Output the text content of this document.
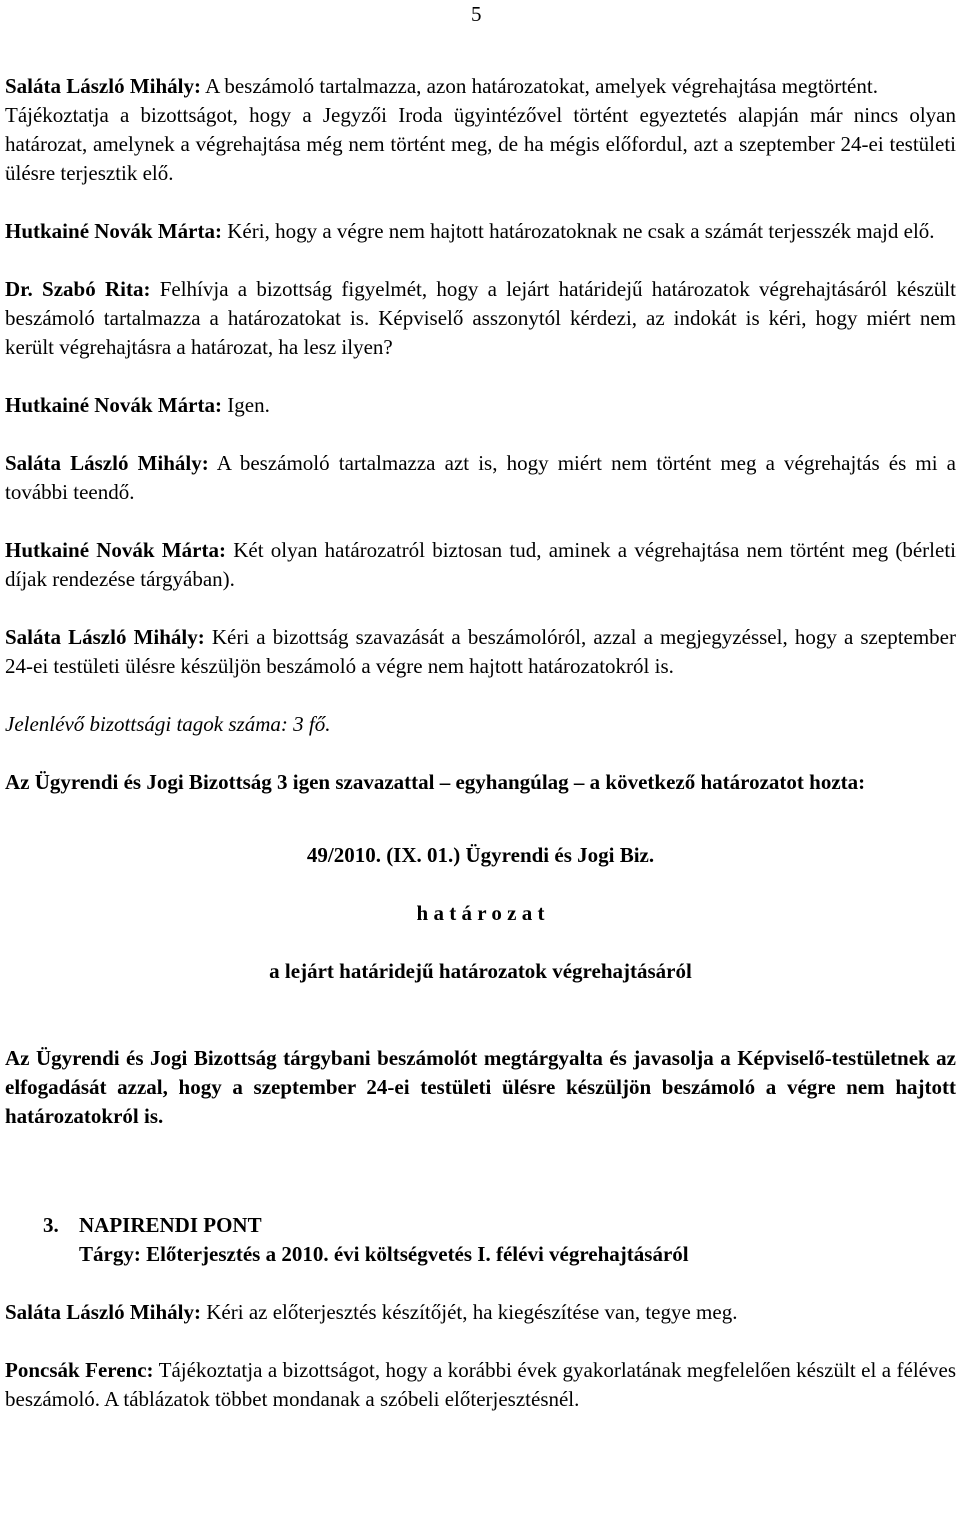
5

Saláta László Mihály: A beszámoló tartalmazza, azon határozatokat, amelyek végrehajtása megtörtént.

Tájékoztatja a bizottságot, hogy a Jegyzői Iroda ügyintézővel történt egyeztetés alapján már nincs olyan határozat, amelynek a végrehajtása még nem történt meg, de ha mégis előfordul, azt a szeptember 24-ei testületi ülésre terjesztik elő.

Hutkainé Novák Márta: Kéri, hogy a végre nem hajtott határozatoknak ne csak a számát terjesszék majd elő.

Dr. Szabó Rita: Felhívja a bizottság figyelmét, hogy a lejárt határidejű határozatok végrehajtásáról készült beszámoló tartalmazza a határozatokat is. Képviselő asszonytól kérdezi, az indokát is kéri, hogy miért nem került végrehajtásra a határozat, ha lesz ilyen?

Hutkainé Novák Márta: Igen.

Saláta László Mihály: A beszámoló tartalmazza azt is, hogy miért nem történt meg a végrehajtás és mi a további teendő.

Hutkainé Novák Márta: Két olyan határozatról biztosan tud, aminek a végrehajtása nem történt meg (bérleti díjak rendezése tárgyában).

Saláta László Mihály: Kéri a bizottság szavazását a beszámolóról, azzal a megjegyzéssel, hogy a szeptember 24-ei testületi ülésre készüljön beszámoló a végre nem hajtott határozatokról is.

Jelenlévő bizottsági tagok száma: 3 fő.

Az Ügyrendi és Jogi Bizottság 3 igen szavazattal – egyhangúlag – a következő határozatot hozta:

49/2010. (IX. 01.) Ügyrendi és Jogi Biz.

h a t á r o z a t

a lejárt határidejű határozatok végrehajtásáról

Az Ügyrendi és Jogi Bizottság tárgybani beszámolót megtárgyalta és javasolja a Képviselő-testületnek az elfogadását azzal, hogy a szeptember 24-ei testületi ülésre készüljön beszámoló a végre nem hajtott határozatokról is.

3. NAPIRENDI PONT

Tárgy: Előterjesztés a 2010. évi költségvetés I. félévi végrehajtásáról

Saláta László Mihály: Kéri az előterjesztés készítőjét, ha kiegészítése van, tegye meg.

Poncsák Ferenc: Tájékoztatja a bizottságot, hogy a korábbi évek gyakorlatának megfelelően készült el a féléves beszámoló. A táblázatok többet mondanak a szóbeli előterjesztésnél.
